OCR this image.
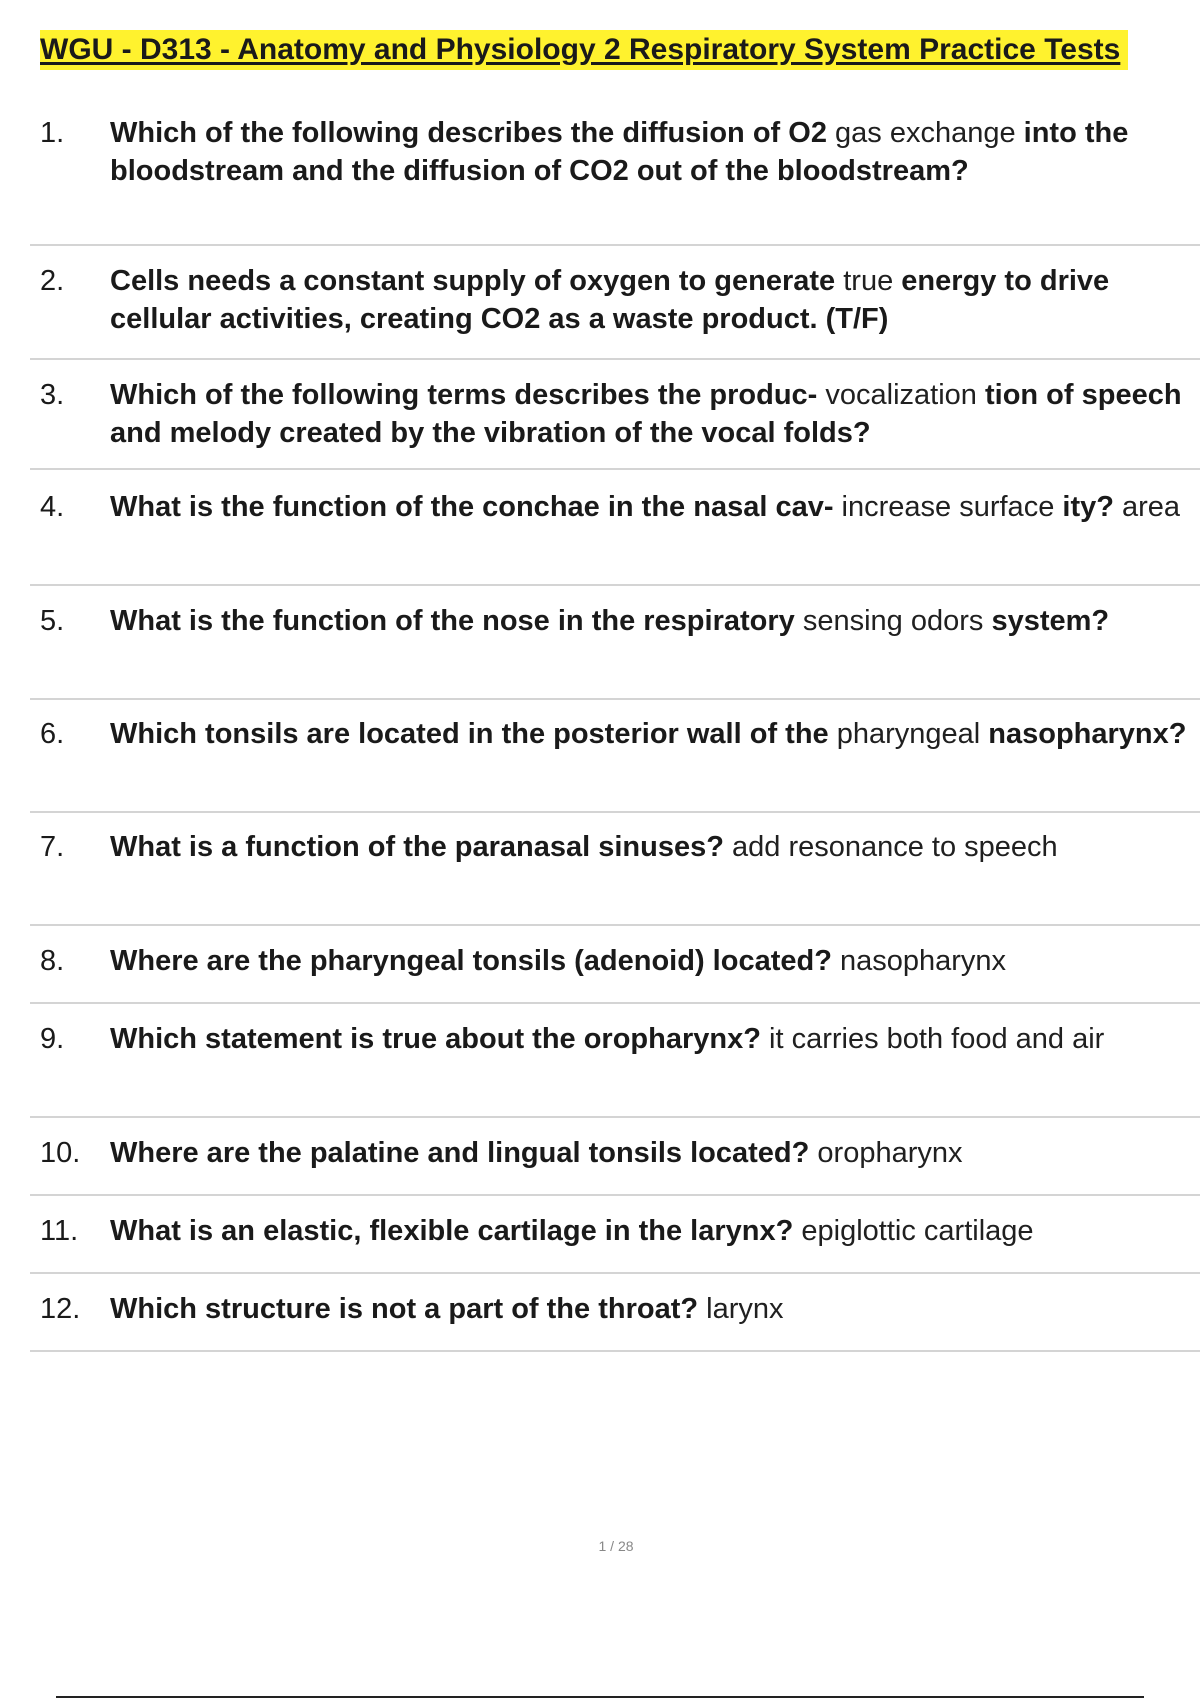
WGU - D313 - Anatomy and Physiology 2 Respiratory System Practice Tests
1.	Which of the following describes the diffusion of O2 gas exchange into the bloodstream and the diffusion of CO2 out of the bloodstream?
2.	Cells needs a constant supply of oxygen to generate true energy to drive cellular activities, creating CO2 as a waste product. (T/F)
3.	Which of the following terms describes the produc- vocalization tion of speech and melody created by the vibration of the vocal folds?
4.	What is the function of the conchae in the nasal cav- increase surface ity? area
5.	What is the function of the nose in the respiratory sensing odors system?
6.	Which tonsils are located in the posterior wall of the pharyngeal nasopharynx?
7.	What is a function of the paranasal sinuses? add resonance to speech
8.	Where are the pharyngeal tonsils (adenoid) located? nasopharynx
9.	Which statement is true about the oropharynx? it carries both food and air
10.	Where are the palatine and lingual tonsils located? oropharynx
11.	What is an elastic, flexible cartilage in the larynx? epiglottic cartilage
12.	Which structure is not a part of the throat? larynx
1 / 28
